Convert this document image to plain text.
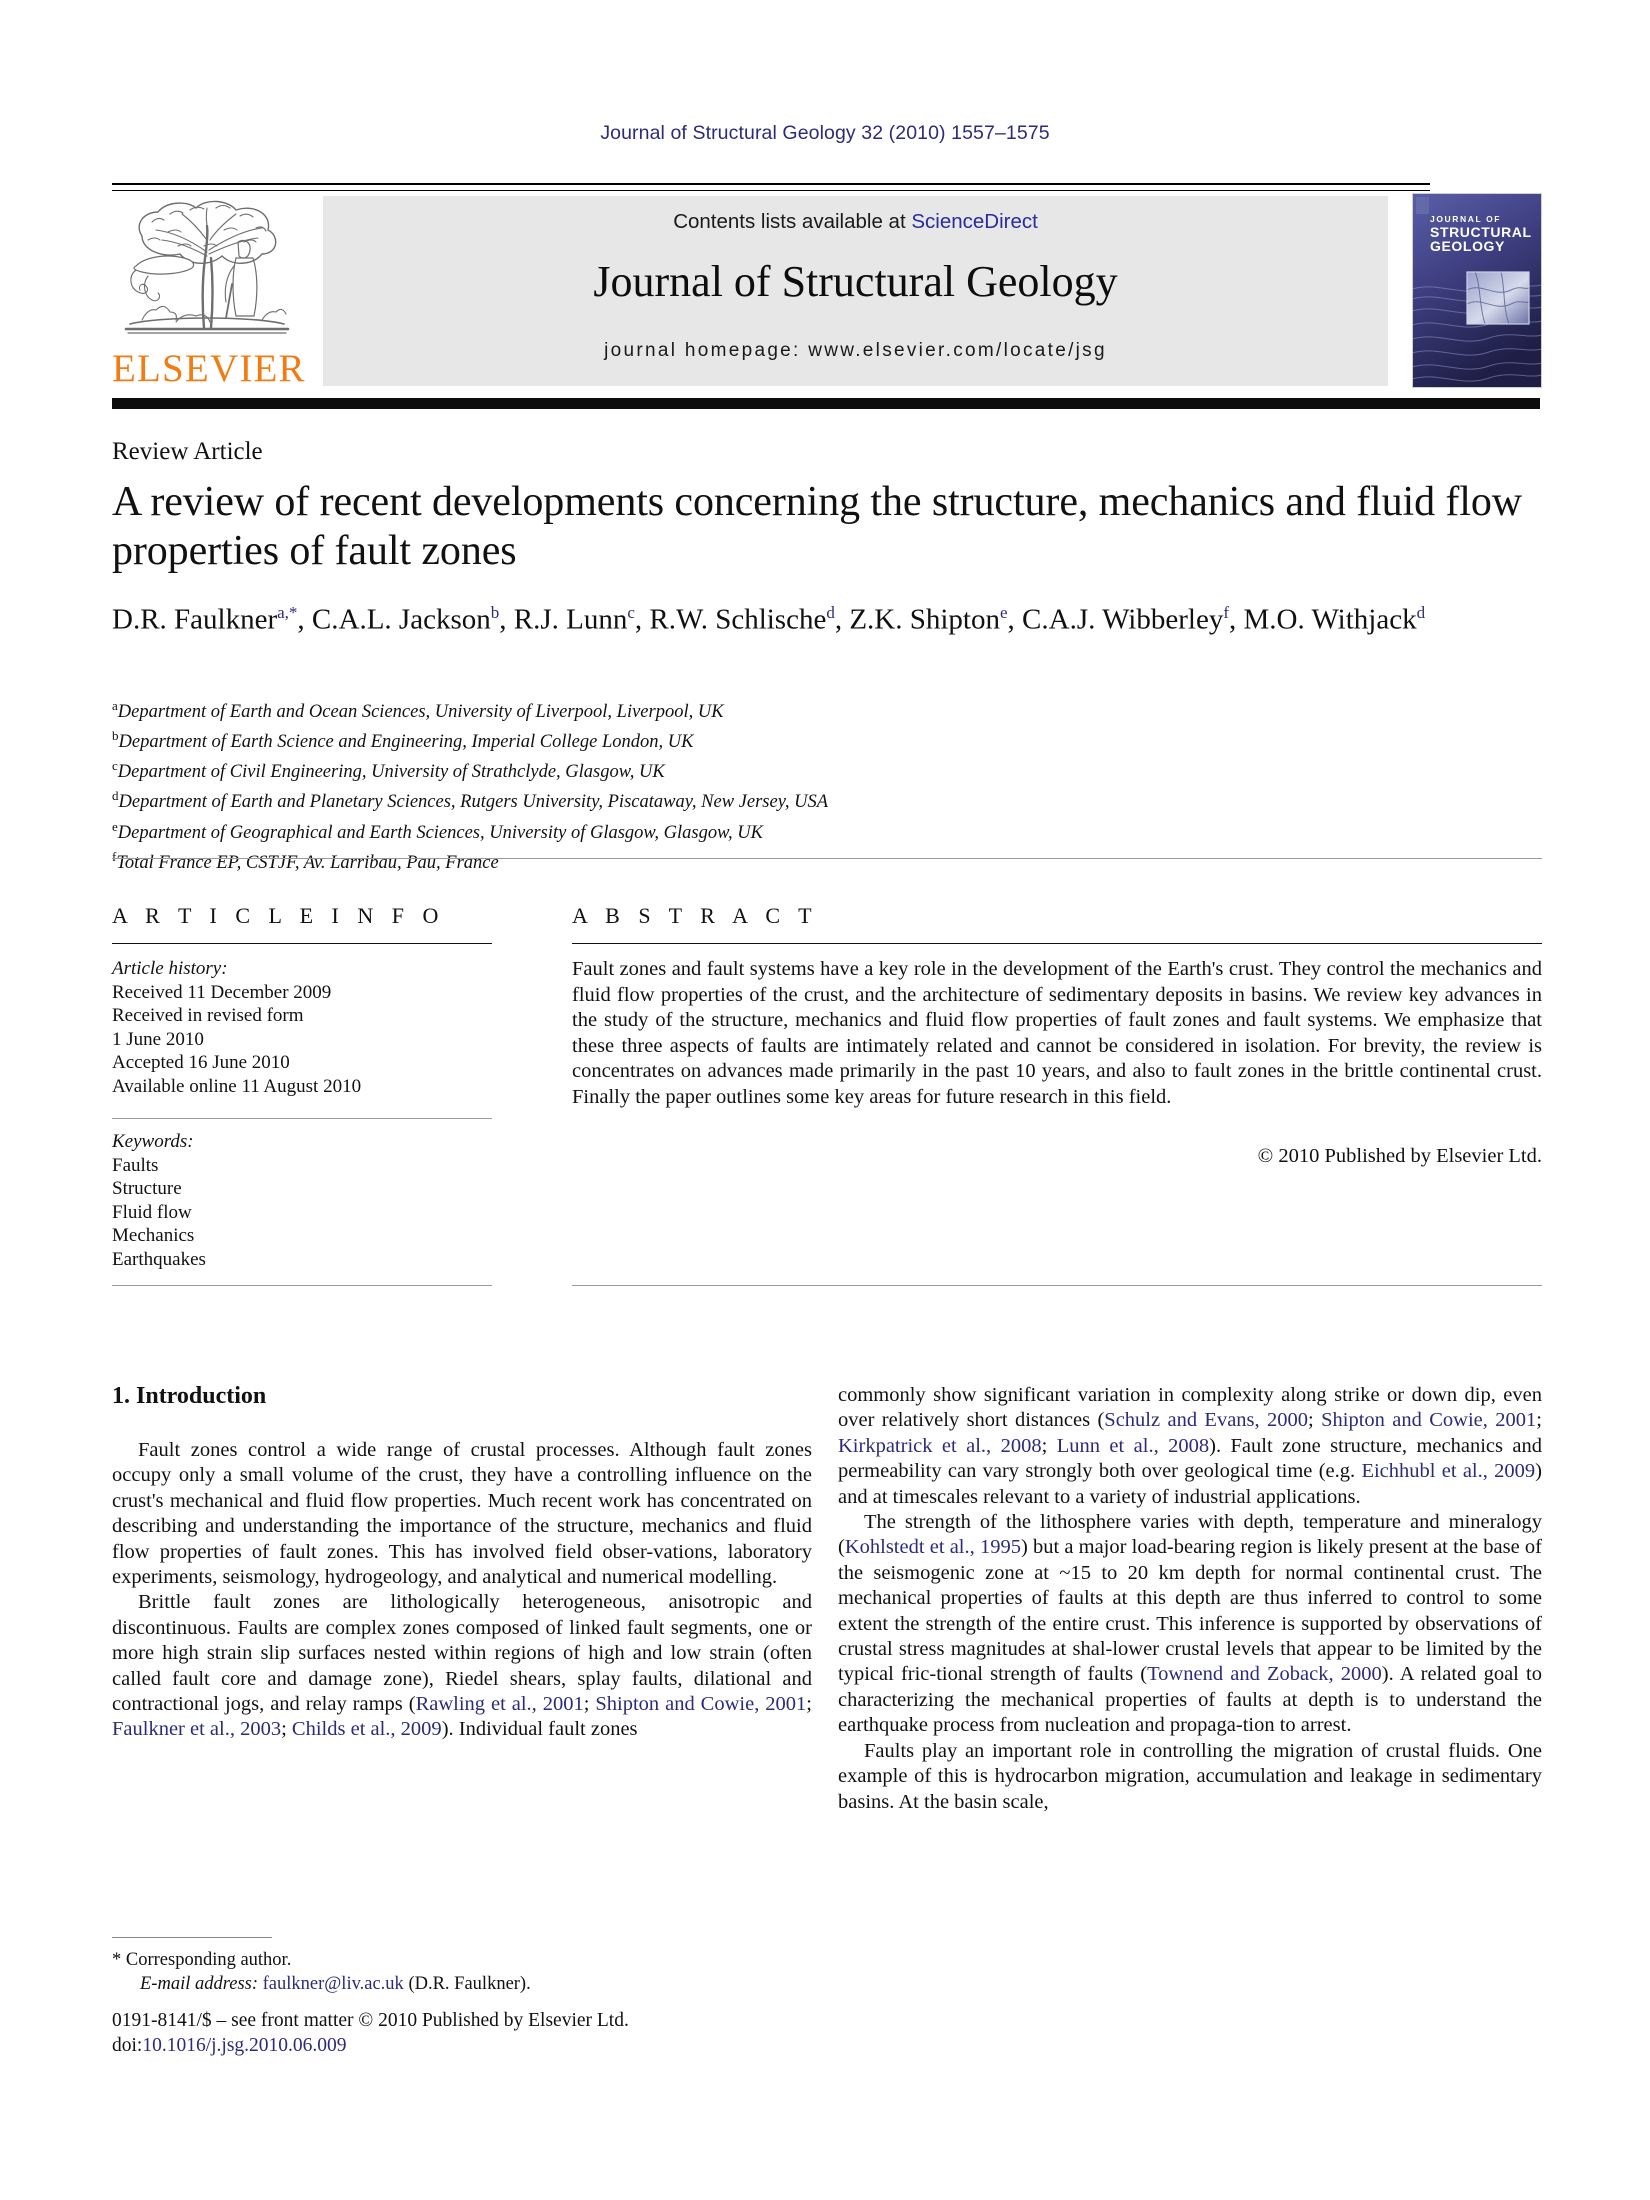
Journal of Structural Geology 32 (2010) 1557–1575
ELSEVIER
Contents lists available at ScienceDirect
Journal of Structural Geology
journal homepage: www.elsevier.com/locate/jsg
JOURNAL OF
STRUCTURAL
GEOLOGY
Review Article
A review of recent developments concerning the structure, mechanics and fluid flow properties of fault zones
D.R. Faulkner$^{a,*}$, C.A.L. Jackson$^b$, R.J. Lunn$^c$, R.W. Schlische$^d$, Z.K. Shipton$^e$, C.A.J. Wibberley$^f$, M.O. Withjack$^d$
$^a$Department of Earth and Ocean Sciences, University of Liverpool, Liverpool, UK
$^b$Department of Earth Science and Engineering, Imperial College London, UK
$^c$Department of Civil Engineering, University of Strathclyde, Glasgow, UK
$^d$Department of Earth and Planetary Sciences, Rutgers University, Piscataway, New Jersey, USA
$^e$Department of Geographical and Earth Sciences, University of Glasgow, Glasgow, UK
$^f$Total France EP, CSTJF, Av. Larribau, Pau, France
A R T I C L E I N F O	A B S T R A C T
Article history:
Received 11 December 2009
Received in revised form
1 June 2010
Accepted 16 June 2010
Available online 11 August 2010
Keywords:
Faults
Structure
Fluid flow
Mechanics
Earthquakes
Fault zones and fault systems have a key role in the development of the Earth's crust. They control the mechanics and fluid flow properties of the crust, and the architecture of sedimentary deposits in basins. We review key advances in the study of the structure, mechanics and fluid flow properties of fault zones and fault systems. We emphasize that these three aspects of faults are intimately related and cannot be considered in isolation. For brevity, the review is concentrates on advances made primarily in the past 10 years, and also to fault zones in the brittle continental crust. Finally the paper outlines some key areas for future research in this field.
© 2010 Published by Elsevier Ltd.
1. Introduction

Fault zones control a wide range of crustal processes. Although fault zones occupy only a small volume of the crust, they have a controlling influence on the crust's mechanical and fluid flow properties. Much recent work has concentrated on describing and understanding the importance of the structure, mechanics and fluid flow properties of fault zones. This has involved field obser-vations, laboratory experiments, seismology, hydrogeology, and analytical and numerical modelling.

Brittle fault zones are lithologically heterogeneous, anisotropic and discontinuous. Faults are complex zones composed of linked fault segments, one or more high strain slip surfaces nested within regions of high and low strain (often called fault core and damage zone), Riedel shears, splay faults, dilational and contractional jogs, and relay ramps (Rawling et al., 2001; Shipton and Cowie, 2001; Faulkner et al., 2003; Childs et al., 2009). Individual fault zones

commonly show significant variation in complexity along strike or down dip, even over relatively short distances (Schulz and Evans, 2000; Shipton and Cowie, 2001; Kirkpatrick et al., 2008; Lunn et al., 2008). Fault zone structure, mechanics and permeability can vary strongly both over geological time (e.g. Eichhubl et al., 2009) and at timescales relevant to a variety of industrial applications.

The strength of the lithosphere varies with depth, temperature and mineralogy (Kohlstedt et al., 1995) but a major load-bearing region is likely present at the base of the seismogenic zone at ~15 to 20 km depth for normal continental crust. The mechanical properties of faults at this depth are thus inferred to control to some extent the strength of the entire crust. This inference is supported by observations of crustal stress magnitudes at shal-lower crustal levels that appear to be limited by the typical fric-tional strength of faults (Townend and Zoback, 2000). A related goal to characterizing the mechanical properties of faults at depth is to understand the earthquake process from nucleation and propaga-tion to arrest.

Faults play an important role in controlling the migration of crustal fluids. One example of this is hydrocarbon migration, accumulation and leakage in sedimentary basins. At the basin scale,

* Corresponding author.
E-mail address: faulkner@liv.ac.uk (D.R. Faulkner).
0191-8141/$ – see front matter © 2010 Published by Elsevier Ltd.
doi:10.1016/j.jsg.2010.06.009
